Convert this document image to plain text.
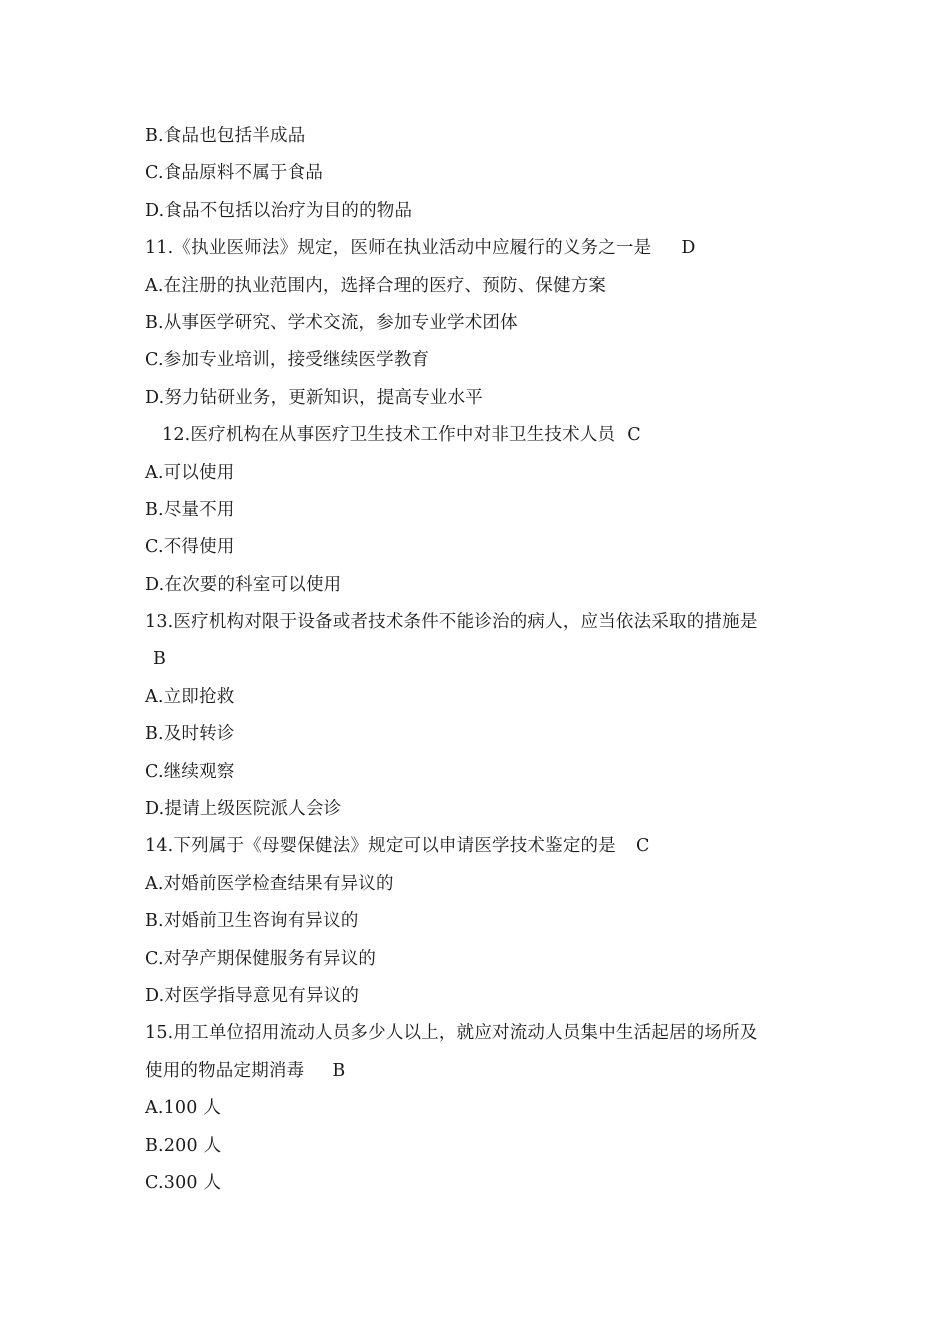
B.食品也包括半成品
C.食品原料不属于食品
D.食品不包括以治疗为目的的物品
11.《执业医师法》规定，医师在执业活动中应履行的义务之一是 D
A.在注册的执业范围内，选择合理的医疗、预防、保健方案
B.从事医学研究、学术交流，参加专业学术团体
C.参加专业培训，接受继续医学教育
D.努力钻研业务，更新知识，提高专业水平
12.医疗机构在从事医疗卫生技术工作中对非卫生技术人员 C
A.可以使用
B.尽量不用
C.不得使用
D.在次要的科室可以使用
13.医疗机构对限于设备或者技术条件不能诊治的病人，应当依法采取的措施是
B
A.立即抢救
B.及时转诊
C.继续观察
D.提请上级医院派人会诊
14.下列属于《母婴保健法》规定可以申请医学技术鉴定的是 C
A.对婚前医学检查结果有异议的
B.对婚前卫生咨询有异议的
C.对孕产期保健服务有异议的
D.对医学指导意见有异议的
15.用工单位招用流动人员多少人以上，就应对流动人员集中生活起居的场所及
使用的物品定期消毒 B
A.100 人
B.200 人
C.300 人
